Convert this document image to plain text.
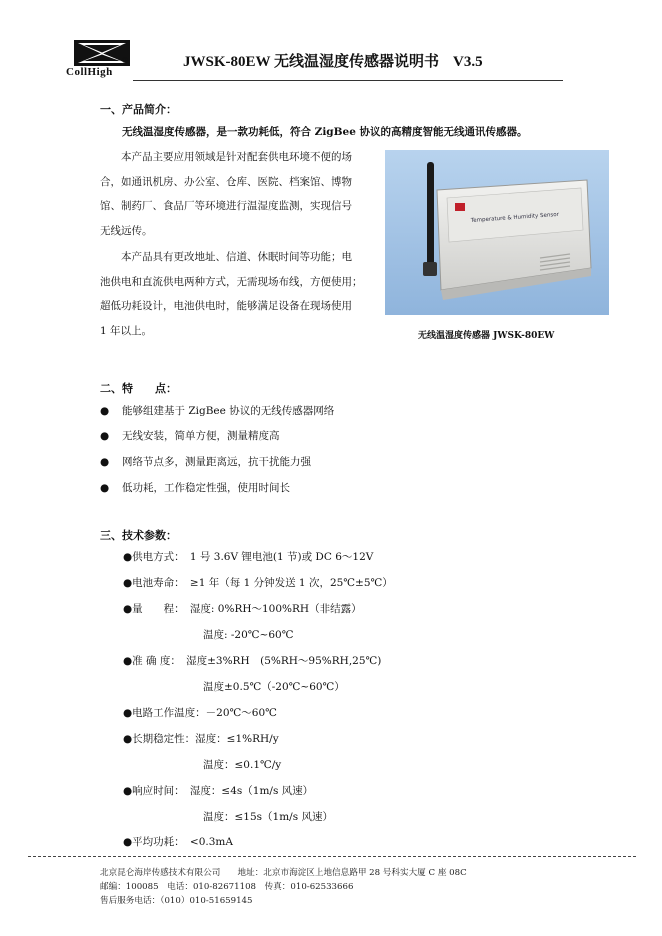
®
CollHigh
JWSK-80EW 无线温湿度传感器说明书 V3.5
一、产品简介：
无线温湿度传感器，是一款功耗低，符合 ZigBee 协议的高精度智能无线通讯传感器。
本产品主要应用领域是针对配套供电环境不便的场
合，如通讯机房、办公室、仓库、医院、档案馆、博物
馆、制药厂、食品厂等环境进行温湿度监测，实现信号
无线远传。
本产品具有更改地址、信道、休眠时间等功能；电
池供电和直流供电两种方式，无需现场布线，方便使用；
超低功耗设计，电池供电时，能够满足设备在现场使用
1 年以上。
Temperature & Humidity Sensor
无线温湿度传感器 JWSK-80EW
二、特　　点：
● 能够组建基于 ZigBee 协议的无线传感器网络
● 无线安装，简单方便，测量精度高
● 网络节点多，测量距离远，抗干扰能力强
● 低功耗，工作稳定性强，使用时间长
三、技术参数：
●供电方式：　1 号 3.6V 锂电池(1 节)或 DC 6～12V
●电池寿命：　≥1 年（每 1 分钟发送 1 次，25℃±5℃）
●量　　程：　湿度: 0%RH～100%RH（非结露）
温度: -20℃~60℃
●准 确 度：　湿度±3%RH　(5%RH～95%RH,25℃)
温度±0.5℃（-20℃~60℃）
●电路工作温度：－20℃～60℃
●长期稳定性：湿度：≤1%RH/y
温度：≤0.1℃/y
●响应时间：　湿度：≤4s（1m/s 风速）
温度：≤15s（1m/s 风速）
●平均功耗：　<0.3mA
北京昆仑海岸传感技术有限公司　　地址：北京市海淀区上地信息路甲 28 号科实大厦 C 座 08C
邮编：100085　电话：010-82671108　传真：010-62533666
售后服务电话：（010）010-51659145
